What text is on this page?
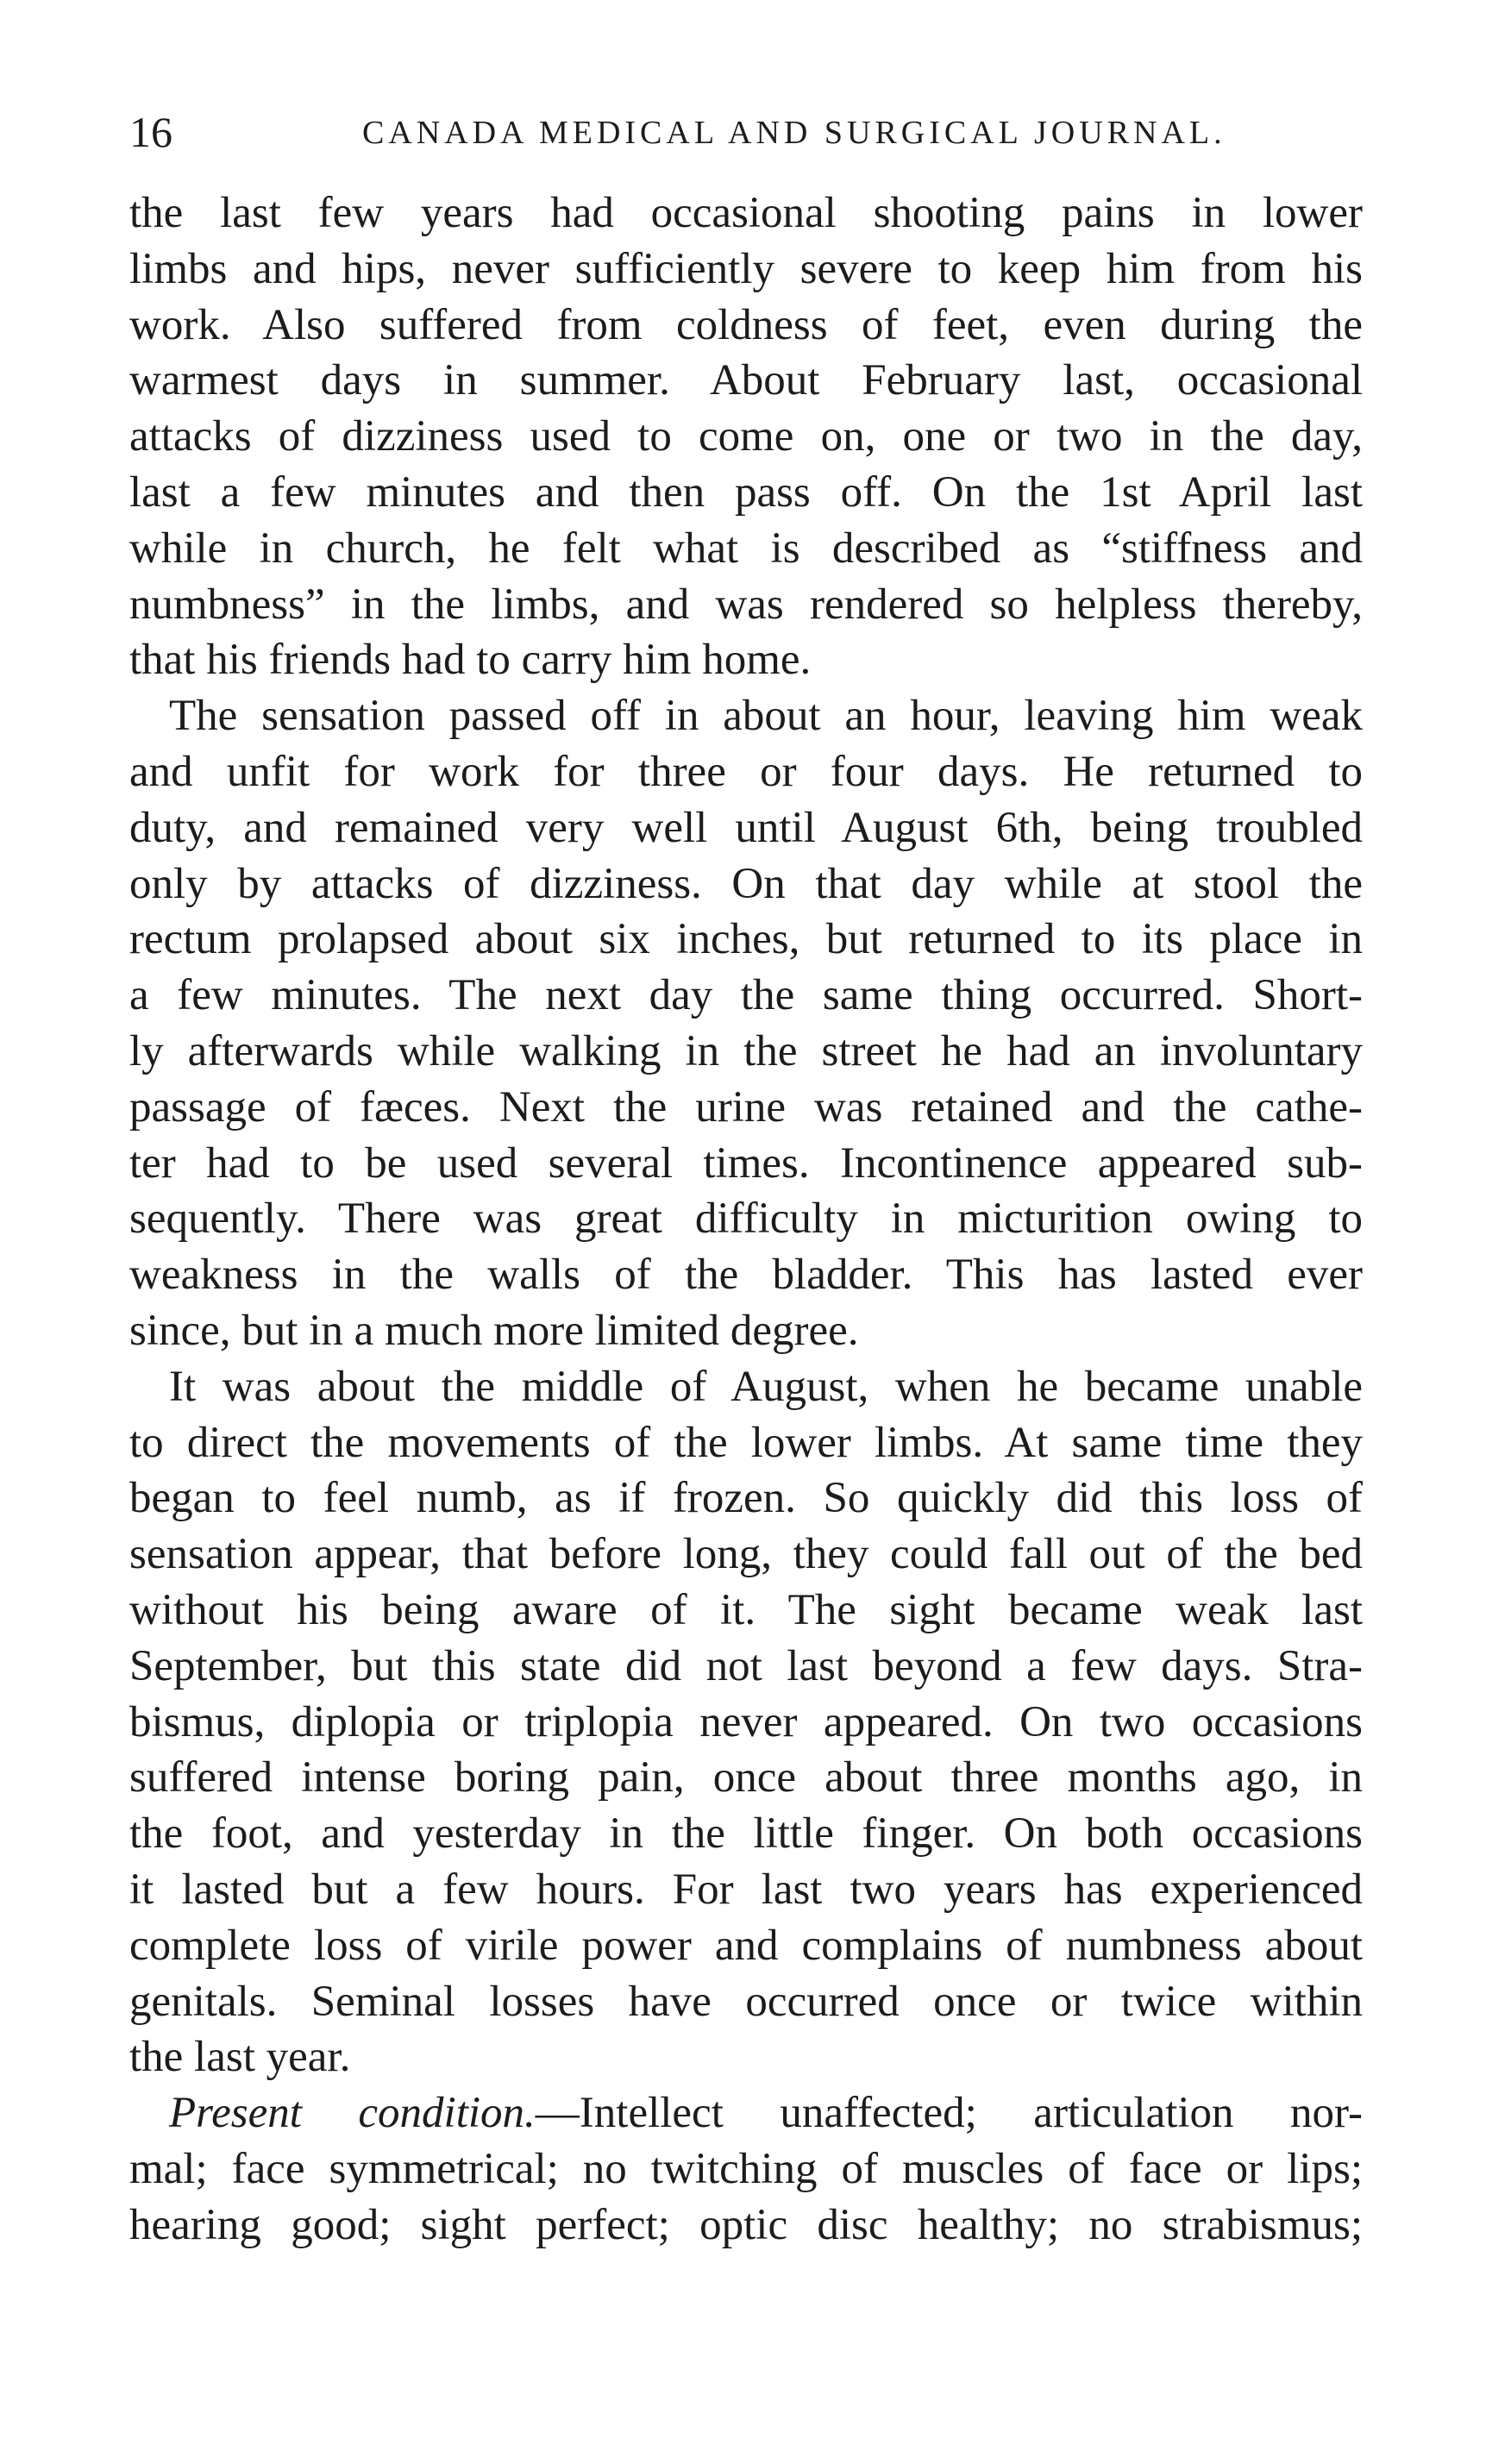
16	CANADA MEDICAL AND SURGICAL JOURNAL.
the last few years had occasional shooting pains in lower
limbs and hips, never sufficiently severe to keep him from his
work. Also suffered from coldness of feet, even during the
warmest days in summer. About February last, occasional
attacks of dizziness used to come on, one or two in the day,
last a few minutes and then pass off. On the 1st April last
while in church, he felt what is described as “stiffness and
numbness” in the limbs, and was rendered so helpless thereby,
that his friends had to carry him home.
The sensation passed off in about an hour, leaving him weak
and unfit for work for three or four days. He returned to
duty, and remained very well until August 6th, being troubled
only by attacks of dizziness. On that day while at stool the
rectum prolapsed about six inches, but returned to its place in
a few minutes. The next day the same thing occurred. Short-
ly afterwards while walking in the street he had an involuntary
passage of fæces. Next the urine was retained and the cathe-
ter had to be used several times. Incontinence appeared sub-
sequently. There was great difficulty in micturition owing to
weakness in the walls of the bladder. This has lasted ever
since, but in a much more limited degree.
It was about the middle of August, when he became unable
to direct the movements of the lower limbs. At same time they
began to feel numb, as if frozen. So quickly did this loss of
sensation appear, that before long, they could fall out of the bed
without his being aware of it. The sight became weak last
September, but this state did not last beyond a few days. Stra-
bismus, diplopia or triplopia never appeared. On two occasions
suffered intense boring pain, once about three months ago, in
the foot, and yesterday in the little finger. On both occasions
it lasted but a few hours. For last two years has experienced
complete loss of virile power and complains of numbness about
genitals. Seminal losses have occurred once or twice within
the last year.
Present condition.—Intellect unaffected; articulation nor-
mal; face symmetrical; no twitching of muscles of face or lips;
hearing good; sight perfect; optic disc healthy; no strabismus;
